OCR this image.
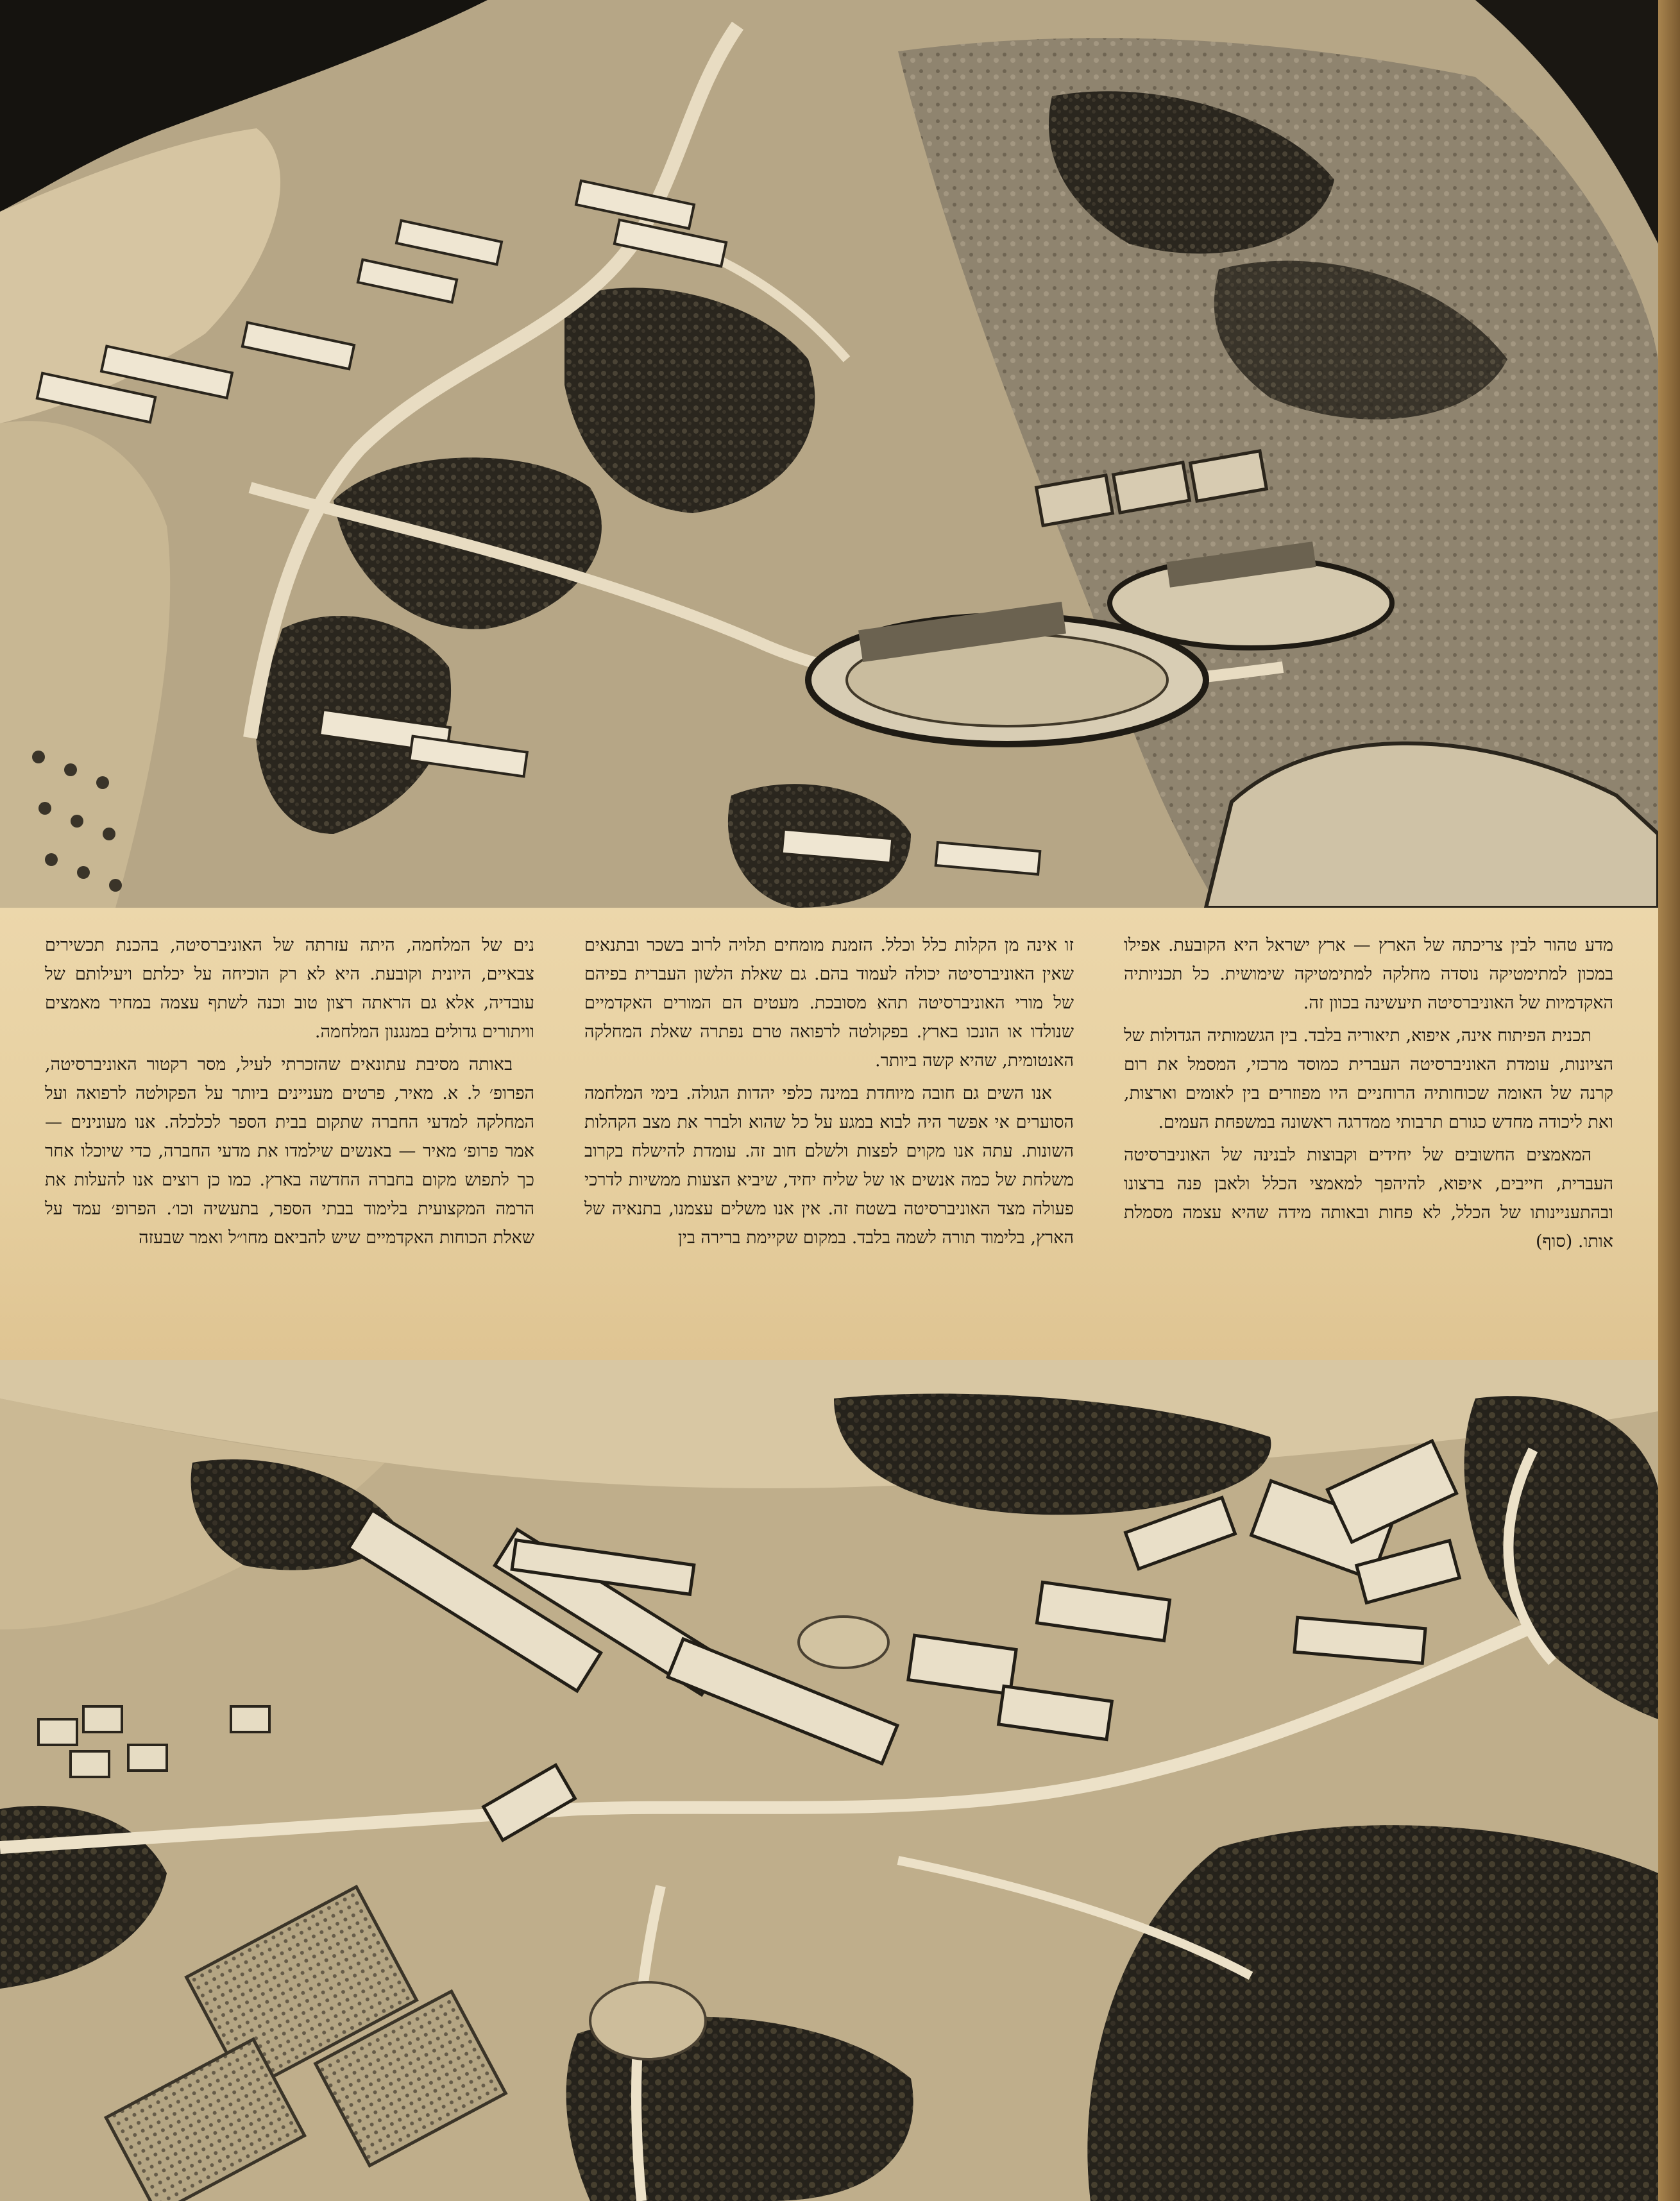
נים של המלחמה, היתה עזרתה של האוניברסיטה, בהכנת תכשירים צבאיים, היונית וקובעת. היא לא רק הוכיחה על יכלתם ויעילותם של עובדיה, אלא גם הראתה רצון טוב וכנה לשתף עצמה במחיר מאמצים וויתורים גדולים במנגנון המלחמה.

באותה מסיבת עתונאים שהזכרתי לעיל, מסר רקטור האוניברסיטה, הפרופ׳ ל. א. מאיר, פרטים מעניינים ביותר על הפקולטה לרפואה ועל המחלקה למדעי החברה שתקום בבית הספר לכלכלה. אנו מעונינים — אמר פרופ׳ מאיר — באנשים שילמדו את מדעי החברה, כדי שיוכלו אחר כך לתפוש מקום בחברה החדשה בארץ. כמו כן רוצים אנו להעלות את הרמה המקצועית בלימוד בבתי הספר, בתעשיה וכו׳. הפרופ׳ עמד על שאלת הכוחות האקדמיים שיש להביאם מחו״ל ואמר שבעזה

זו אינה מן הקלות כלל וכלל. הזמנת מומחים תלויה לרוב בשכר ובתנאים שאין האוניברסיטה יכולה לעמוד בהם. גם שאלת הלשון העברית בפיהם של מורי האוניברסיטה תהא מסובכת. מעטים הם המורים האקדמיים שנולדו או הונכו בארץ. בפקולטה לרפואה טרם נפתרה שאלת המחלקה האנטומית, שהיא קשה ביותר.

אנו השים גם חובה מיוחדת במינה כלפי יהדות הגולה. בימי המלחמה הסוערים אי אפשר היה לבוא במגע על כל שהוא ולברר את מצב הקהלות השונות. עתה אנו מקוים לפצות ולשלם חוב זה. עומדת להישלח בקרוב משלחת של כמה אנשים או של שליח יחיד, שיביא הצעות ממשיות לדרכי פעולה מצד האוניברסיטה בשטח זה. אין אנו משלים עצמנו, בתנאיה של הארץ, בלימוד תורה לשמה בלבד. במקום שקיימת ברירה בין

מדע טהור לבין צריכתה של הארץ — ארץ ישראל היא הקובעת. אפילו במכון למתימטיקה נוסדה מחלקה למתימטיקה שימושית. כל תכניותיה האקדמיות של האוניברסיטה תיעשינה בכוון זה.

תכנית הפיתוח אינה, איפוא, תיאוריה בלבד. בין הגשמותיה הגדולות של הציונות, עומדת האוניברסיטה העברית כמוסד מרכזי, המסמל את רום קרנה של האומה שכוחותיה הרוחניים היו מפוזרים בין לאומים וארצות, ואת ליכודה מחדש כגורם תרבותי ממדרגה ראשונה במשפחת העמים.

המאמצים החשובים של יחידים וקבוצות לבנינה של האוניברסיטה העברית, חייבים, איפוא, להיהפך למאמצי הכלל ולאבן פנה ברצונו ובהתעניינותו של הכלל, לא פחות ובאותה מידה שהיא עצמה מסמלת אותו. (סוף)
